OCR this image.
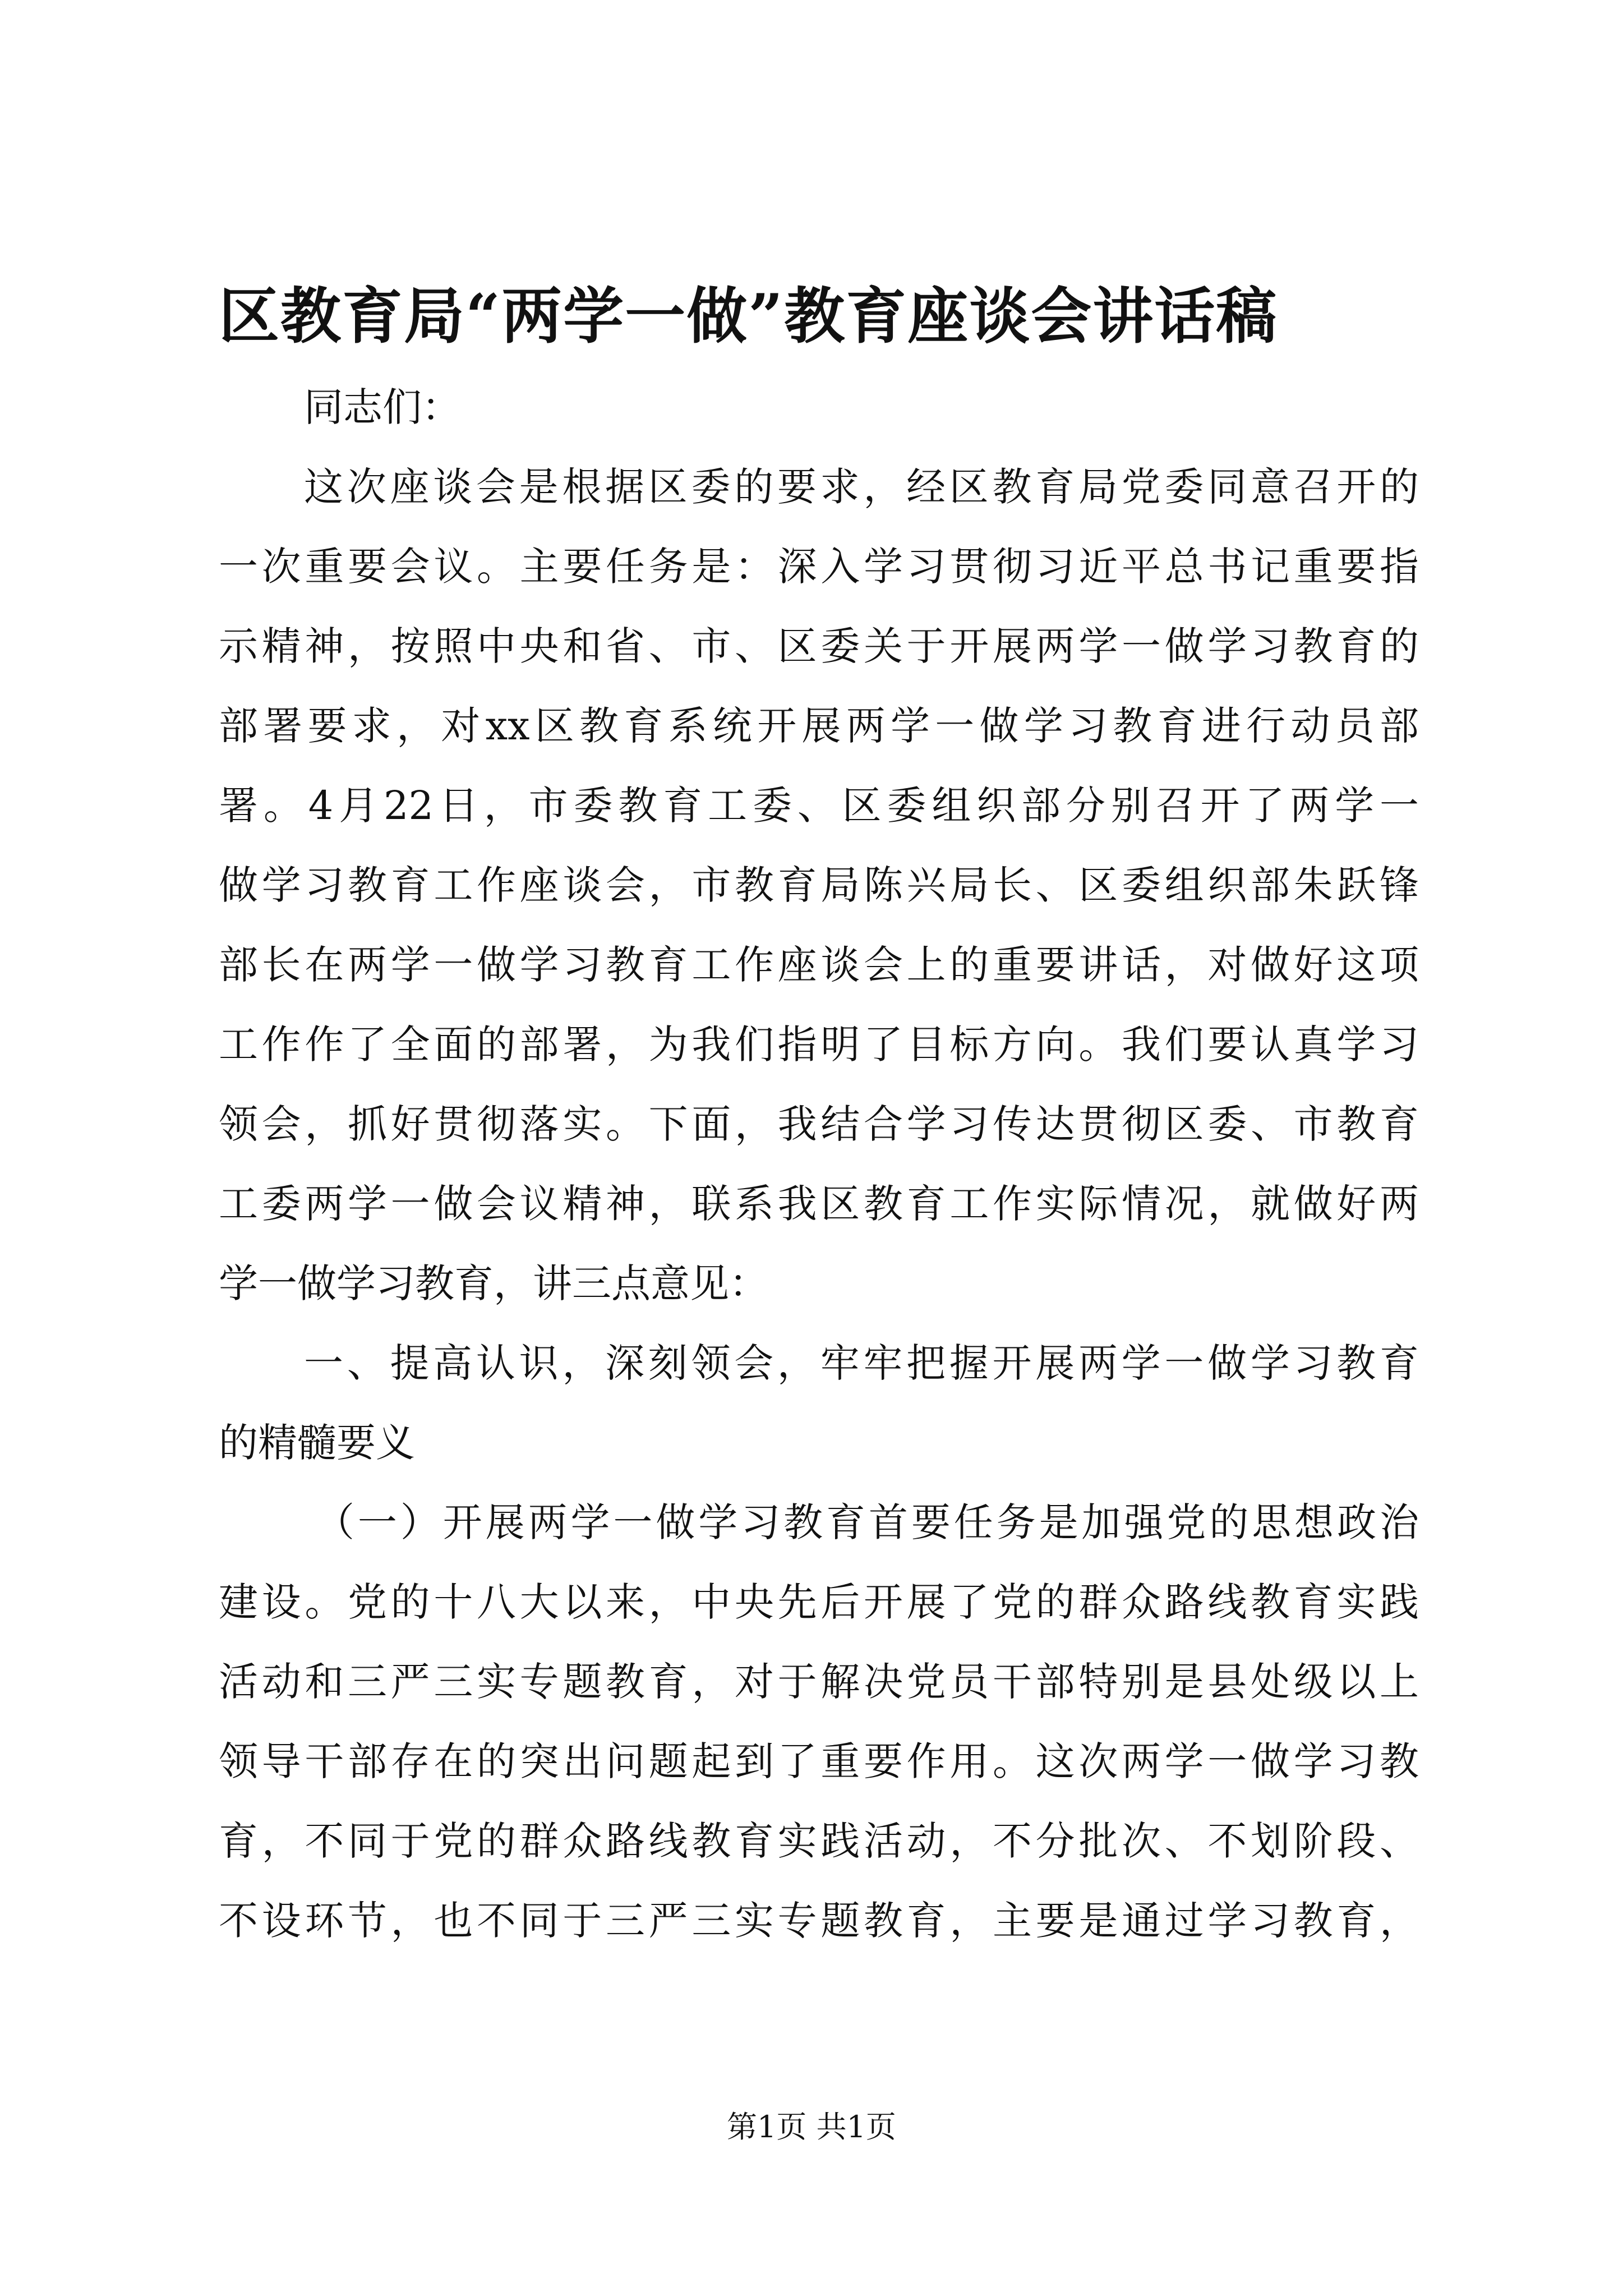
区教育局“两学一做”教育座谈会讲话稿
同志们：
这次座谈会是根据区委的要求，经区教育局党委同意召开的
一次重要会议。主要任务是：深入学习贯彻习近平总书记重要指
示精神，按照中央和省、市、区委关于开展两学一做学习教育的
部署要求，对xx区教育系统开展两学一做学习教育进行动员部
署。4月22日，市委教育工委、区委组织部分别召开了两学一
做学习教育工作座谈会，市教育局陈兴局长、区委组织部朱跃锋
部长在两学一做学习教育工作座谈会上的重要讲话，对做好这项
工作作了全面的部署，为我们指明了目标方向。我们要认真学习
领会，抓好贯彻落实。下面，我结合学习传达贯彻区委、市教育
工委两学一做会议精神，联系我区教育工作实际情况，就做好两
学一做学习教育，讲三点意见：
一、提高认识，深刻领会，牢牢把握开展两学一做学习教育
的精髓要义
（一）开展两学一做学习教育首要任务是加强党的思想政治
建设。党的十八大以来，中央先后开展了党的群众路线教育实践
活动和三严三实专题教育，对于解决党员干部特别是县处级以上
领导干部存在的突出问题起到了重要作用。这次两学一做学习教
育，不同于党的群众路线教育实践活动，不分批次、不划阶段、
不设环节，也不同于三严三实专题教育，主要是通过学习教育，
第1页 共1页
